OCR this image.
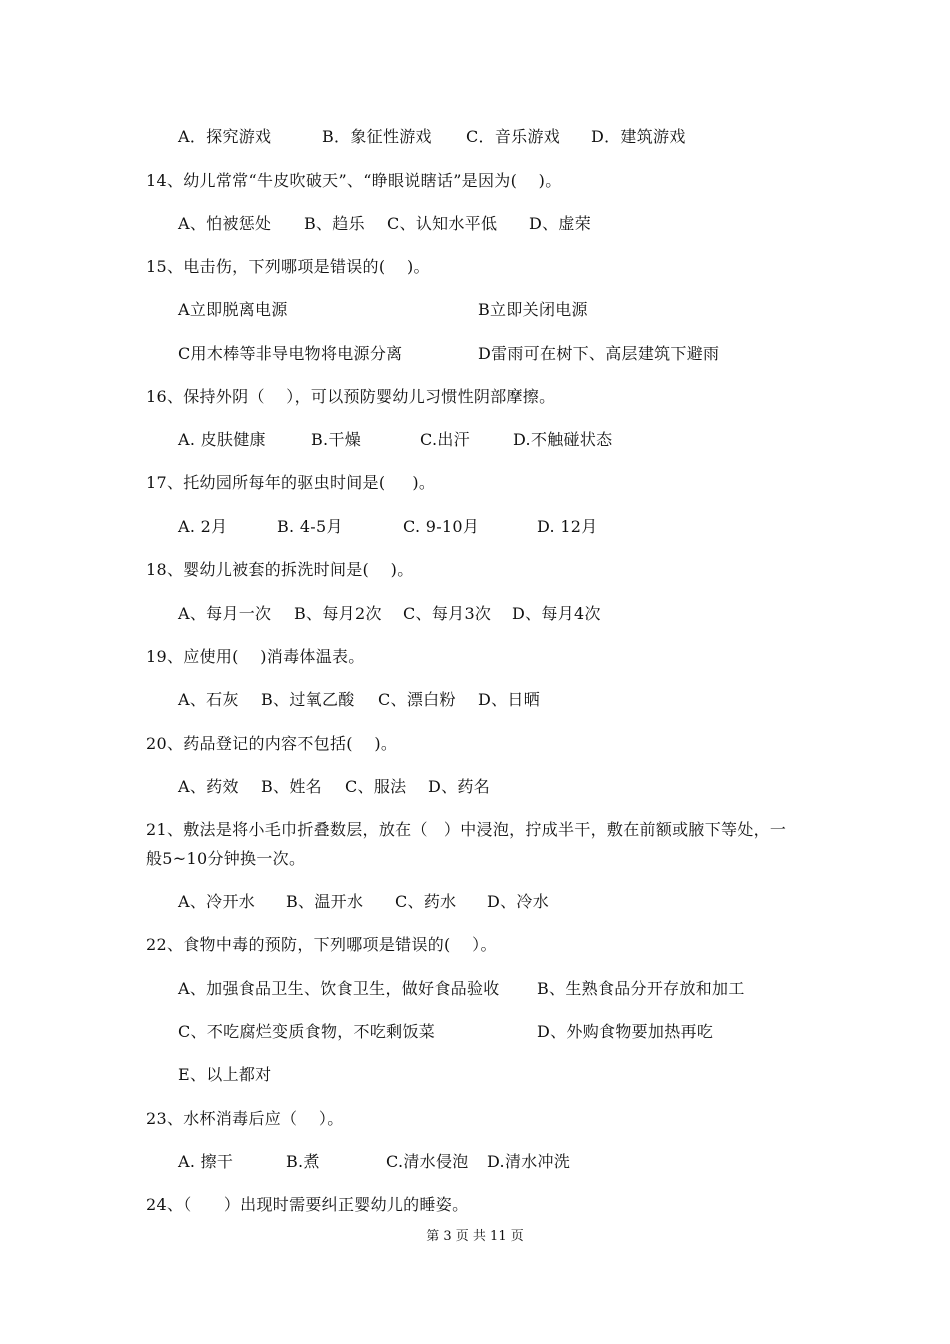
A．探究游戏	B．象征性游戏 C．音乐游戏 D．建筑游戏
14、幼儿常常“牛皮吹破天”、“睁眼说瞎话”是因为(    )。
A、怕被惩处 B、趋乐 C、认知水平低 D、虚荣
15、电击伤，下列哪项是错误的(    )。
A立即脱离电源	B立即关闭电源
C用木棒等非导电物将电源分离	D雷雨可在树下、高层建筑下避雨
16、保持外阴（    ），可以预防婴幼儿习惯性阴部摩擦。
A. 皮肤健康	B.干燥	C.出汗	D.不触碰状态
17、托幼园所每年的驱虫时间是(     )。
A. 2月	B. 4-5月	C. 9-10月	D. 12月
18、婴幼儿被套的拆洗时间是(    )。
A、每月一次 B、每月2次 C、每月3次 D、每月4次
19、应使用(    )消毒体温表。
A、石灰 B、过氧乙酸 C、漂白粉 D、日晒
20、药品登记的内容不包括(    )。
A、药效 B、姓名 C、服法 D、药名
21、敷法是将小毛巾折叠数层，放在（   ）中浸泡，拧成半干，敷在前额或腋下等处，一
般5~10分钟换一次。
A、冷开水 B、温开水 C、药水 D、冷水
22、食物中毒的预防，下列哪项是错误的(    ）。
A、加强食品卫生、饮食卫生，做好食品验收 B、生熟食品分开存放和加工
C、不吃腐烂变质食物，不吃剩饭菜	D、外购食物要加热再吃
E、以上都对
23、水杯消毒后应（    ）。
A. 擦干	B.煮	C.清水侵泡 D.清水冲洗
24、（      ）出现时需要纠正婴幼儿的睡姿。
第 3 页 共 11 页
